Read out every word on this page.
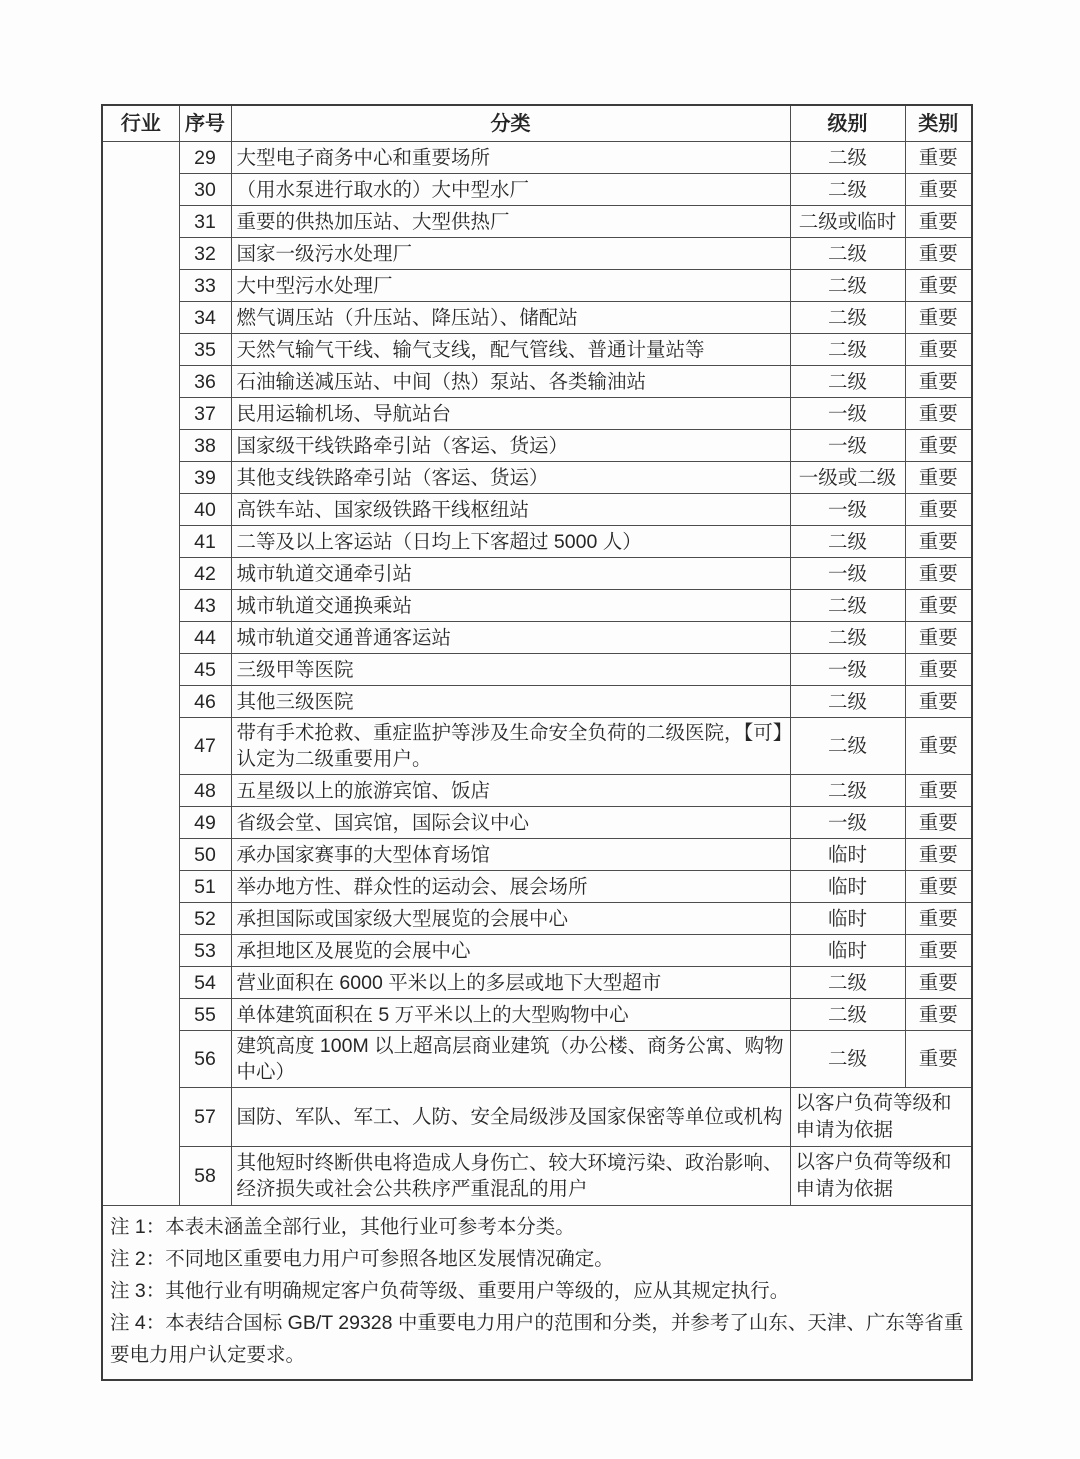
行业	序号	分类	级别	类别
	29	大型电子商务中心和重要场所	二级	重要
	30	（用水泵进行取水的）大中型水厂	二级	重要
	31	重要的供热加压站、大型供热厂	二级或临时	重要
	32	国家一级污水处理厂	二级	重要
	33	大中型污水处理厂	二级	重要
	34	燃气调压站（升压站、降压站）、储配站	二级	重要
	35	天然气输气干线、输气支线，配气管线、普通计量站等	二级	重要
	36	石油输送减压站、中间（热）泵站、各类输油站	二级	重要
	37	民用运输机场、导航站台	一级	重要
	38	国家级干线铁路牵引站（客运、货运）	一级	重要
	39	其他支线铁路牵引站（客运、货运）	一级或二级	重要
	40	高铁车站、国家级铁路干线枢纽站	一级	重要
	41	二等及以上客运站（日均上下客超过 5000 人）	二级	重要
	42	城市轨道交通牵引站	一级	重要
	43	城市轨道交通换乘站	二级	重要
	44	城市轨道交通普通客运站	二级	重要
	45	三级甲等医院	一级	重要
	46	其他三级医院	二级	重要
	47	带有手术抢救、重症监护等涉及生命安全负荷的二级医院，【可】认定为二级重要用户。	二级	重要
	48	五星级以上的旅游宾馆、饭店	二级	重要
	49	省级会堂、国宾馆，国际会议中心	一级	重要
	50	承办国家赛事的大型体育场馆	临时	重要
	51	举办地方性、群众性的运动会、展会场所	临时	重要
	52	承担国际或国家级大型展览的会展中心	临时	重要
	53	承担地区及展览的会展中心	临时	重要
	54	营业面积在 6000 平米以上的多层或地下大型超市	二级	重要
	55	单体建筑面积在 5 万平米以上的大型购物中心	二级	重要
	56	建筑高度 100M 以上超高层商业建筑（办公楼、商务公寓、购物中心）	二级	重要
	57	国防、军队、军工、人防、安全局级涉及国家保密等单位或机构	以客户负荷等级和申请为依据	
	58	其他短时终断供电将造成人身伤亡、较大环境污染、政治影响、经济损失或社会公共秩序严重混乱的用户	以客户负荷等级和申请为依据	

注 1：本表未涵盖全部行业，其他行业可参考本分类。
注 2：不同地区重要电力用户可参照各地区发展情况确定。
注 3：其他行业有明确规定客户负荷等级、重要用户等级的，应从其规定执行。
注 4：本表结合国标 GB/T 29328 中重要电力用户的范围和分类，并参考了山东、天津、广东等省重要电力用户认定要求。				
